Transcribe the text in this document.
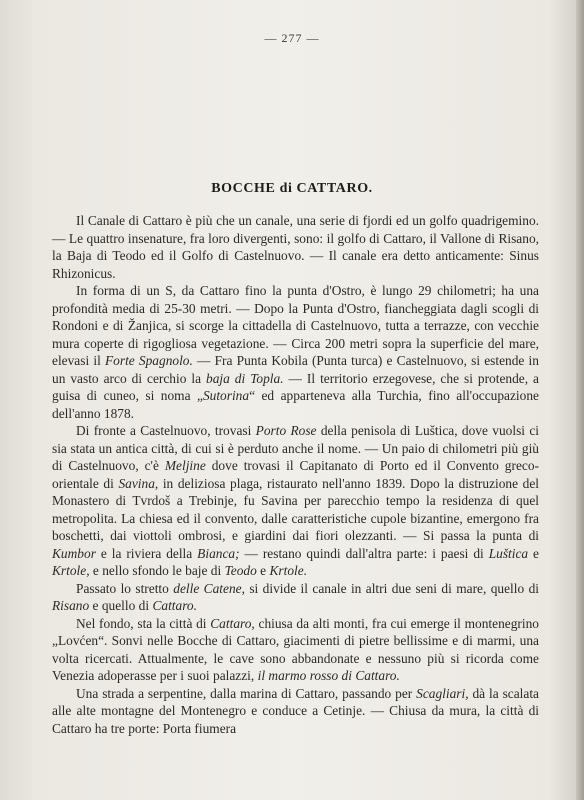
— 277 —
BOCCHE di CATTARO.

Il Canale di Cattaro è più che un canale, una serie di fjordi ed un golfo quadrigemino. — Le quattro insenature, fra loro divergenti, sono: il golfo di Cattaro, il Vallone di Risano, la Baja di Teodo ed il Golfo di Castelnuovo. — Il canale era detto anticamente: Sinus Rhizonicus.

In forma di un S, da Cattaro fino la punta d'Ostro, è lungo 29 chilometri; ha una profondità media di 25-30 metri. — Dopo la Punta d'Ostro, fiancheggiata dagli scogli di Rondoni e di Žanjica, si scorge la cittadella di Castelnuovo, tutta a terrazze, con vecchie mura coperte di rigogliosa vegetazione. — Circa 200 metri sopra la superficie del mare, elevasi il Forte Spagnolo. — Fra Punta Kobila (Punta turca) e Castelnuovo, si estende in un vasto arco di cerchio la baja di Topla. — Il territorio erzegovese, che si protende, a guisa di cuneo, si noma „Sutorina“ ed apparteneva alla Turchia, fino all'occupazione dell'anno 1878.

Di fronte a Castelnuovo, trovasi Porto Rose della penisola di Luštica, dove vuolsi ci sia stata un antica città, di cui si è perduto anche il nome. — Un paio di chilometri più giù di Castelnuovo, c'è Meljine dove trovasi il Capitanato di Porto ed il Convento greco-orientale di Savina, in deliziosa plaga, ristaurato nell'anno 1839. Dopo la distruzione del Monastero di Tvrdoš a Trebinje, fu Savina per parecchio tempo la residenza di quel metropolita. La chiesa ed il convento, dalle caratteristiche cupole bizantine, emergono fra boschetti, dai viottoli ombrosi, e giardini dai fiori olezzanti. — Si passa la punta di Kumbor e la riviera della Bianca; — restano quindi dall'altra parte: i paesi di Luštica e Krtole, e nello sfondo le baje di Teodo e Krtole.

Passato lo stretto delle Catene, si divide il canale in altri due seni di mare, quello di Risano e quello di Cattaro.

Nel fondo, sta la città di Cattaro, chiusa da alti monti, fra cui emerge il montenegrino „Lovćen“. Sonvi nelle Bocche di Cattaro, giacimenti di pietre bellissime e di marmi, una volta ricercati. Attualmente, le cave sono abbandonate e nessuno più si ricorda come Venezia adoperasse per i suoi palazzi, il marmo rosso di Cattaro.

Una strada a serpentine, dalla marina di Cattaro, passando per Scagliari, dà la scalata alle alte montagne del Montenegro e conduce a Cetinje. — Chiusa da mura, la città di Cattaro ha tre porte: Porta fiumera
